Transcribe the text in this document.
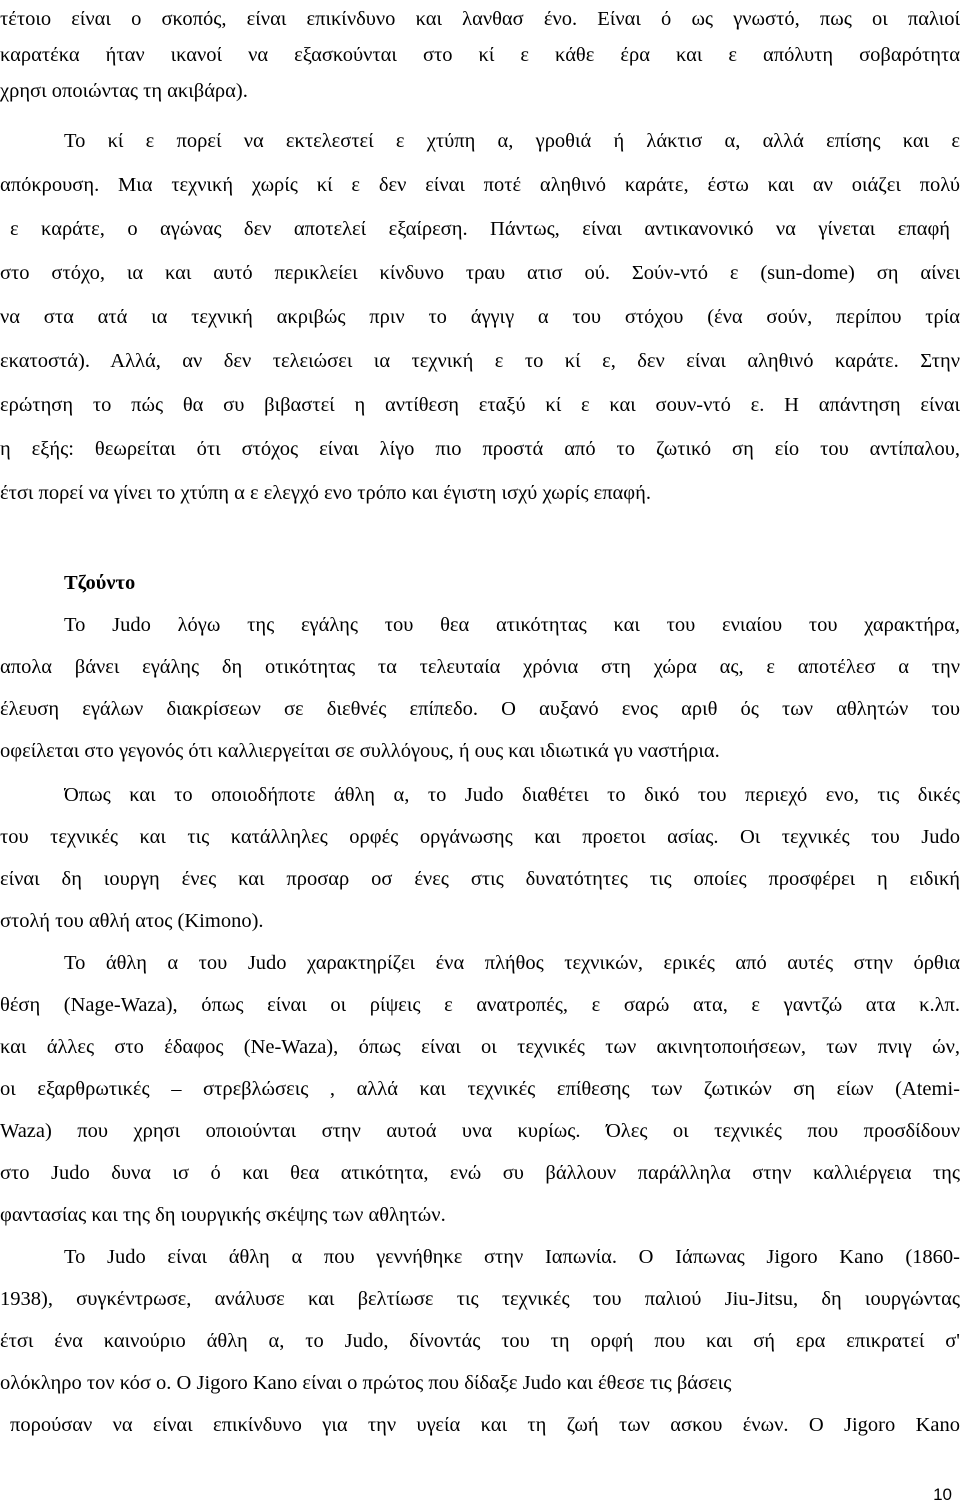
τέτοιο είναι ο σκοπός, είναι επικίνδυνο και λανθασ ένο. Είναι ό ως γνωστό, πως οι παλιοί
καρατέκα ήταν ικανοί να εξασκούνται στο κί ε κάθε έρα και ε απόλυτη σοβαρότητα
χρησι οποιώντας τη ακιβάρα).
Το κί ε πορεί να εκτελεστεί ε χτύπη α, γροθιά ή λάκτισ α, αλλά επίσης και ε
απόκρουση. Μια τεχνική χωρίς κί ε δεν είναι ποτέ αληθινό καράτε, έστω και αν οιάζει πολύ
ε καράτε, ο αγώνας δεν αποτελεί εξαίρεση. Πάντως, είναι αντικανονικό να γίνεται επαφή
στο στόχο, ια και αυτό περικλείει κίνδυνο τραυ ατισ ού. Σούν-ντό ε (sun-dome) ση αίνει
να στα ατά ια τεχνική ακριβώς πριν το άγγιγ α του στόχου (ένα σούν, περίπου τρία
εκατοστά). Αλλά, αν δεν τελειώσει ια τεχνική ε το κί ε, δεν είναι αληθινό καράτε. Στην
ερώτηση το πώς θα συ βιβαστεί η αντίθεση εταξύ κί ε και σουν-ντό ε. Η απάντηση είναι
η εξής: θεωρείται ότι στόχος είναι λίγο πιο προστά από το ζωτικό ση είο του αντίπαλου,
έτσι πορεί να γίνει το χτύπη α ε ελεγχό ενο τρόπο και έγιστη ισχύ χωρίς επαφή.
Τζούντο
Το Judo λόγω της εγάλης του θεα ατικότητας και του ενιαίου του χαρακτήρα,
απολα βάνει εγάλης δη οτικότητας τα τελευταία χρόνια στη χώρα ας, ε αποτέλεσ α την
έλευση εγάλων διακρίσεων σε διεθνές επίπεδο. Ο αυξανό ενος αριθ ός των αθλητών του
οφείλεται στο γεγονός ότι καλλιεργείται σε συλλόγους, ή ους και ιδιωτικά γυ ναστήρια.
Όπως και το οποιοδήποτε άθλη α, το Judo διαθέτει το δικό του περιεχό ενο, τις δικές
του τεχνικές και τις κατάλληλες ορφές οργάνωσης και προετοι ασίας. Οι τεχνικές του Judo
είναι δη ιουργη ένες και προσαρ οσ ένες στις δυνατότητες τις οποίες προσφέρει η ειδική
στολή του αθλή ατος (Kimono).
Το άθλη α του Judo χαρακτηρίζει ένα πλήθος τεχνικών, ερικές από αυτές στην όρθια
θέση (Nage-Waza), όπως είναι οι ρίψεις ε ανατροπές, ε σαρώ ατα, ε γαντζώ ατα κ.λπ.
και άλλες στο έδαφος (Ne-Waza), όπως είναι οι τεχνικές των ακινητοποιήσεων, των πνιγ ών,
οι εξαρθρωτικές – στρεβλώσεις , αλλά και τεχνικές επίθεσης των ζωτικών ση είων (Atemi-
Waza) που χρησι οποιούνται στην αυτοά υνα κυρίως. Όλες οι τεχνικές που προσδίδουν
στο Judo δυνα ισ ό και θεα ατικότητα, ενώ συ βάλλουν παράλληλα στην καλλιέργεια της
φαντασίας και της δη ιουργικής σκέψης των αθλητών.
Το Judo είναι άθλη α που γεννήθηκε στην Ιαπωνία. Ο Ιάπωνας Jigoro Kano (1860-
1938), συγκέντρωσε, ανάλυσε και βελτίωσε τις τεχνικές του παλιού Jiu-Jitsu, δη ιουργώντας
έτσι ένα καινούριο άθλη α, το Judo, δίνοντάς του τη ορφή που και σή ερα επικρατεί σ'
ολόκληρο τον κόσ ο. Ο Jigoro Kano είναι ο πρώτος που δίδαξε Judo και έθεσε τις βάσεις
πορούσαν να είναι επικίνδυνο για την υγεία και τη ζωή των ασκου ένων. Ο Jigoro Kano
10
